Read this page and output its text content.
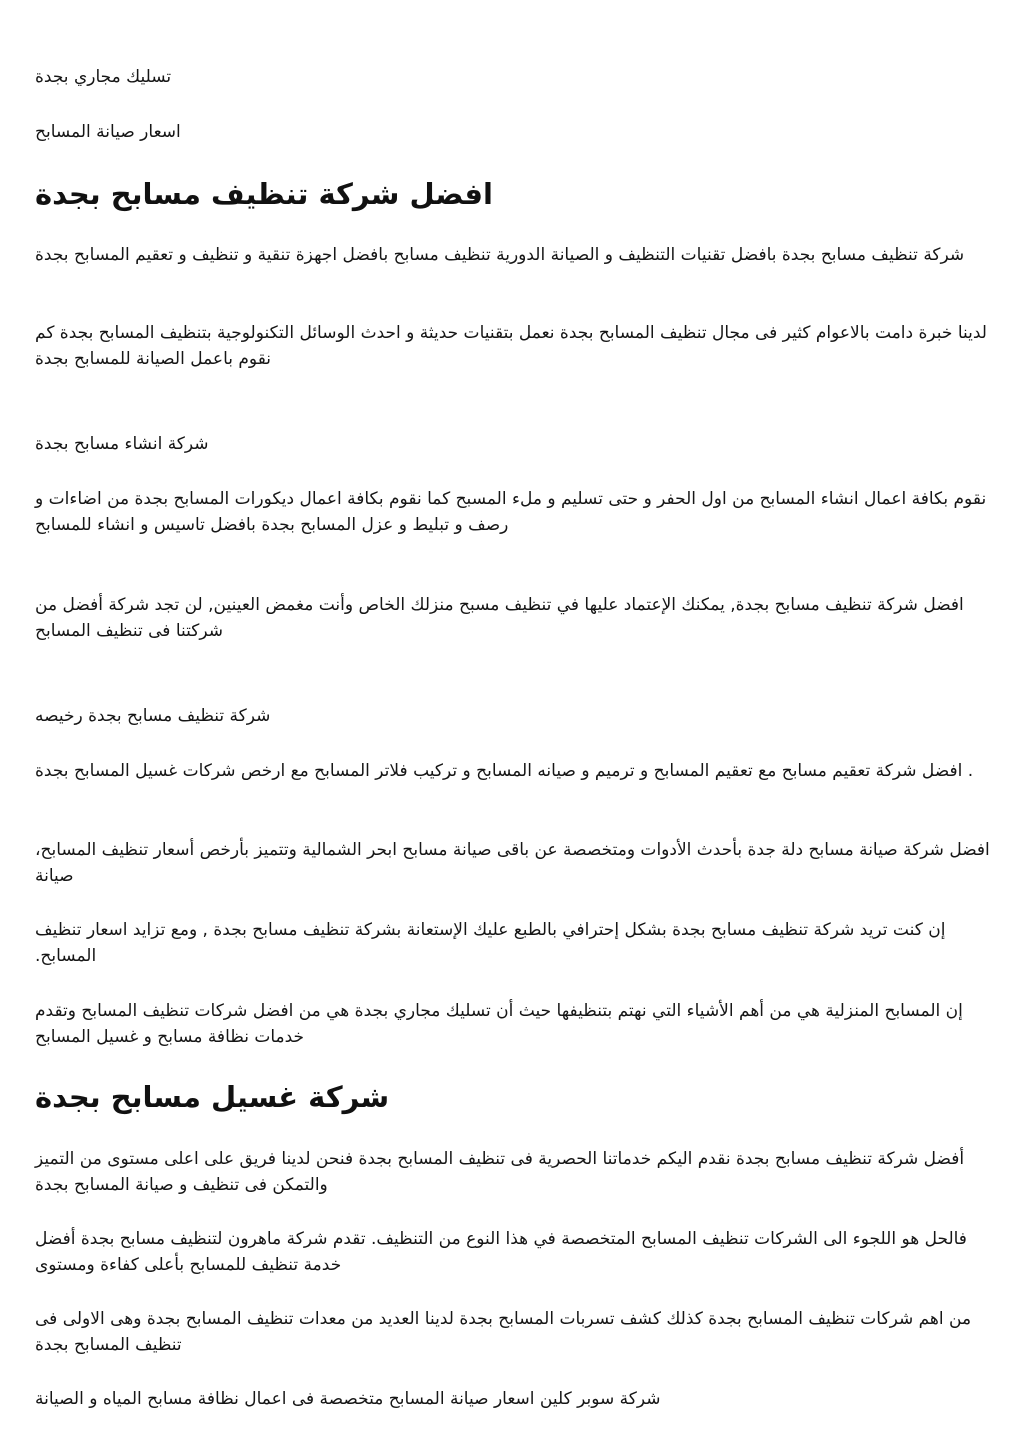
تسليك مجاري بجدة

اسعار صيانة المسابح

افضل شركة تنظيف مسابح بجدة

شركة تنظيف مسابح بجدة بافضل تقنيات التنظيف و الصيانة الدورية تنظيف مسابح بافضل اجهزة تنقية و تنظيف و تعقيم المسابح بجدة

لدينا خبرة دامت بالاعوام كثير فى مجال تنظيف المسابح بجدة نعمل بتقنيات حديثة و احدث الوسائل التكنولوجية بتنظيف المسابح بجدة كم نقوم باعمل الصيانة للمسابح بجدة

شركة انشاء مسابح بجدة

نقوم بكافة اعمال انشاء المسابح من اول الحفر و حتى تسليم و ملء المسبح كما نقوم بكافة اعمال ديكورات المسابح بجدة من اضاءات و رصف و تبليط و عزل المسابح بجدة بافضل تاسيس و انشاء للمسابح

افضل شركة تنظيف مسابح بجدة, يمكنك الإعتماد عليها في تنظيف مسبح منزلك الخاص وأنت مغمض العينين, لن تجد شركة أفضل من شركتنا فى تنظيف المسابح

شركة تنظيف مسابح بجدة رخيصه

. افضل شركة تعقيم مسابح مع تعقيم المسابح و ترميم و صيانه المسابح و تركيب فلاتر المسابح مع ارخص شركات غسيل المسابح بجدة

افضل شركة صيانة مسابح دلة جدة بأحدث الأدوات ومتخصصة عن باقى صيانة مسابح ابحر الشمالية وتتميز بأرخص أسعار تنظيف المسابح، صيانة

إن كنت تريد شركة تنظيف مسابح بجدة بشكل إحترافي بالطبع عليك الإستعانة بشركة تنظيف مسابح بجدة , ومع تزايد اسعار تنظيف المسابح.

إن المسابح المنزلية هي من أهم الأشياء التي نهتم بتنظيفها حيث أن تسليك مجاري بجدة هي من افضل شركات تنظيف المسابح وتقدم خدمات نظافة مسابح و غسيل المسابح

شركة غسيل مسابح بجدة

أفضل شركة تنظيف مسابح بجدة نقدم اليكم خدماتنا الحصرية فى تنظيف المسابح بجدة فنحن لدينا فريق على اعلى مستوى من التميز والتمكن فى تنظيف و صيانة المسابح بجدة

فالحل هو اللجوء الى الشركات تنظيف المسابح المتخصصة في هذا النوع من التنظيف. تقدم شركة ماهرون لتنظيف مسابح بجدة أفضل خدمة تنظيف للمسابح بأعلى كفاءة ومستوى

من اهم شركات تنظيف المسابح بجدة كذلك كشف تسربات المسابح بجدة لدينا العديد من معدات تنظيف المسابح بجدة وهى الاولى فى تنظيف المسابح بجدة

شركة سوبر كلين اسعار صيانة المسابح متخصصة فى اعمال نظافة مسابح المياه و الصيانة
